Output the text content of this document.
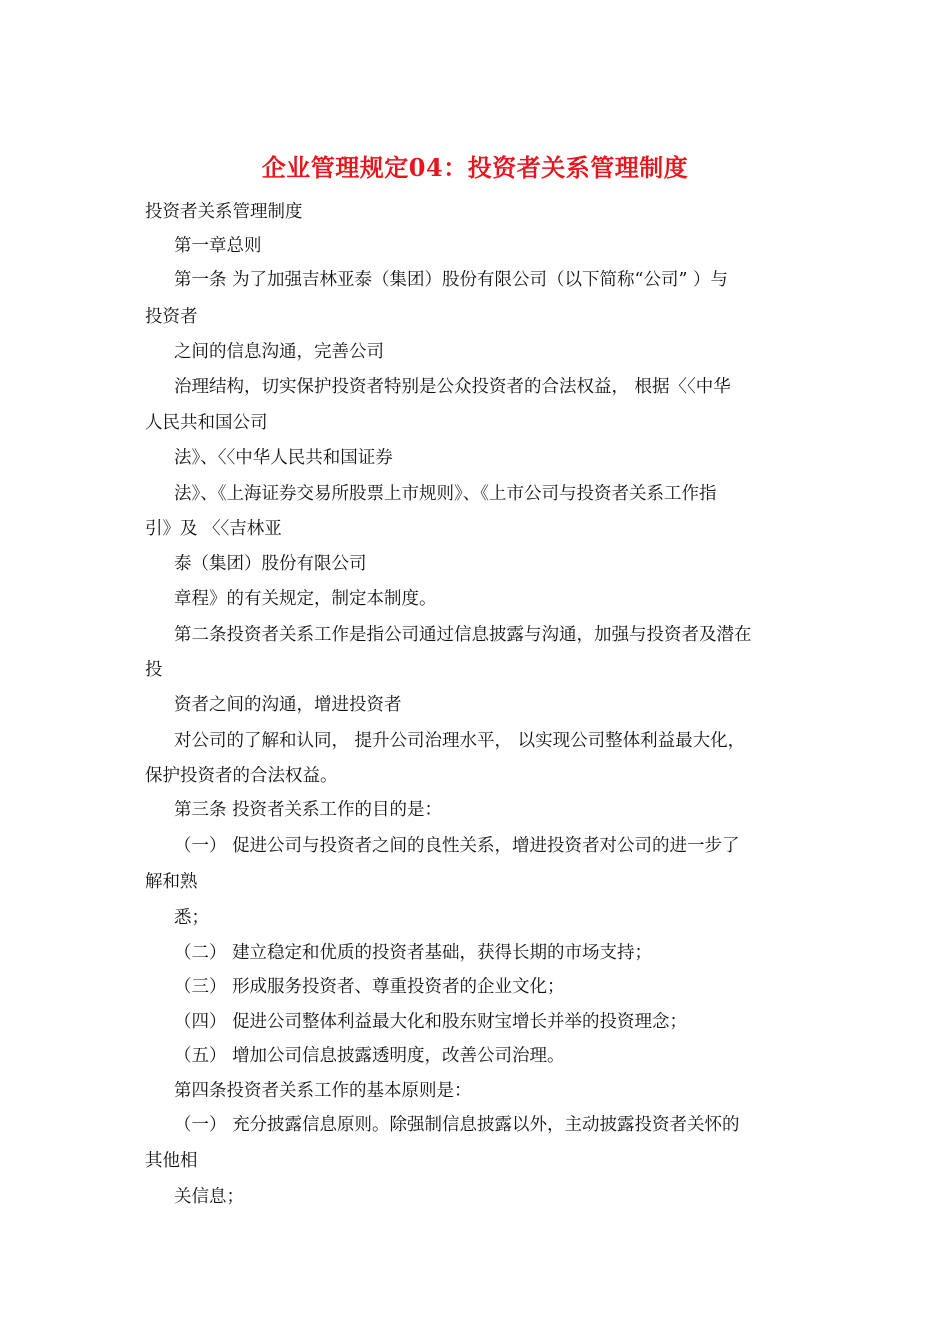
企业管理规定04：投资者关系管理制度
投资者关系管理制度
第一章总则
第一条 为了加强吉林亚泰（集团）股份有限公司（以下简称“公司” ）与
投资者
之间的信息沟通，完善公司
治理结构，切实保护投资者特别是公众投资者的合法权益， 根据〈〈中华
人民共和国公司
法》、〈〈中华人民共和国证券
法》、《上海证券交易所股票上市规则》、《上市公司与投资者关系工作指
引》及 〈〈吉林亚
泰（集团）股份有限公司
章程》的有关规定，制定本制度。
第二条投资者关系工作是指公司通过信息披露与沟通，加强与投资者及潜在
投
资者之间的沟通，增进投资者
对公司的了解和认同， 提升公司治理水平， 以实现公司整体利益最大化，
保护投资者的合法权益。
第三条 投资者关系工作的目的是：
（一） 促进公司与投资者之间的良性关系，增进投资者对公司的进一步了
解和熟
悉；
（二） 建立稳定和优质的投资者基础，获得长期的市场支持；
（三） 形成服务投资者、尊重投资者的企业文化；
（四） 促进公司整体利益最大化和股东财宝增长并举的投资理念；
（五） 增加公司信息披露透明度，改善公司治理。
第四条投资者关系工作的基本原则是：
（一） 充分披露信息原则。除强制信息披露以外，主动披露投资者关怀的
其他相
关信息；
